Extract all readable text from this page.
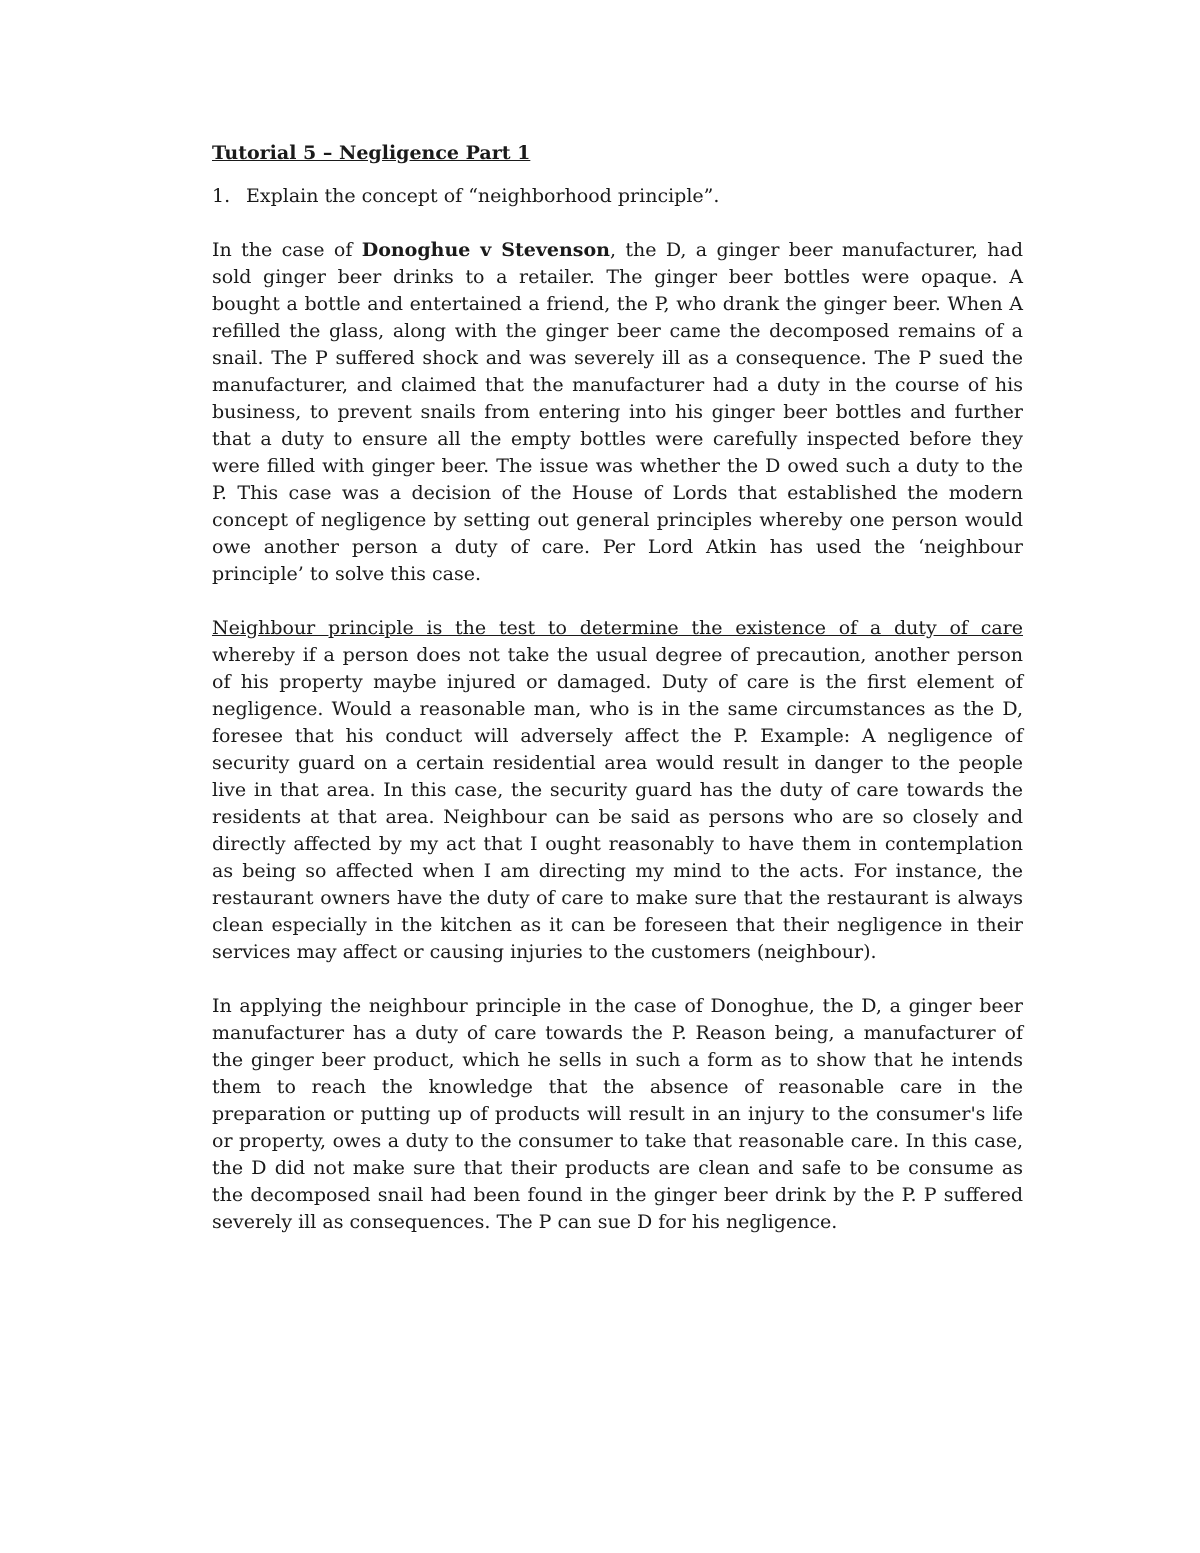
Tutorial 5 – Negligence Part 1

1. Explain the concept of “neighborhood principle”.

In the case of Donoghue v Stevenson, the D, a ginger beer manufacturer, had sold ginger beer drinks to a retailer. The ginger beer bottles were opaque. A bought a bottle and entertained a friend, the P, who drank the ginger beer. When A refilled the glass, along with the ginger beer came the decomposed remains of a snail. The P suffered shock and was severely ill as a consequence. The P sued the manufacturer, and claimed that the manufacturer had a duty in the course of his business, to prevent snails from entering into his ginger beer bottles and further that a duty to ensure all the empty bottles were carefully inspected before they were filled with ginger beer. The issue was whether the D owed such a duty to the P. This case was a decision of the House of Lords that established the modern concept of negligence by setting out general principles whereby one person would owe another person a duty of care. Per Lord Atkin has used the ‘neighbour principle’ to solve this case.

Neighbour principle is the test to determine the existence of a duty of care whereby if a person does not take the usual degree of precaution, another person of his property maybe injured or damaged. Duty of care is the first element of negligence. Would a reasonable man, who is in the same circumstances as the D, foresee that his conduct will adversely affect the P. Example: A negligence of security guard on a certain residential area would result in danger to the people live in that area. In this case, the security guard has the duty of care towards the residents at that area. Neighbour can be said as persons who are so closely and directly affected by my act that I ought reasonably to have them in contemplation as being so affected when I am directing my mind to the acts. For instance, the restaurant owners have the duty of care to make sure that the restaurant is always clean especially in the kitchen as it can be foreseen that their negligence in their services may affect or causing injuries to the customers (neighbour).

In applying the neighbour principle in the case of Donoghue, the D, a ginger beer manufacturer has a duty of care towards the P. Reason being, a manufacturer of the ginger beer product, which he sells in such a form as to show that he intends them to reach the knowledge that the absence of reasonable care in the preparation or putting up of products will result in an injury to the consumer's life or property, owes a duty to the consumer to take that reasonable care. In this case, the D did not make sure that their products are clean and safe to be consume as the decomposed snail had been found in the ginger beer drink by the P. P suffered severely ill as consequences. The P can sue D for his negligence.
